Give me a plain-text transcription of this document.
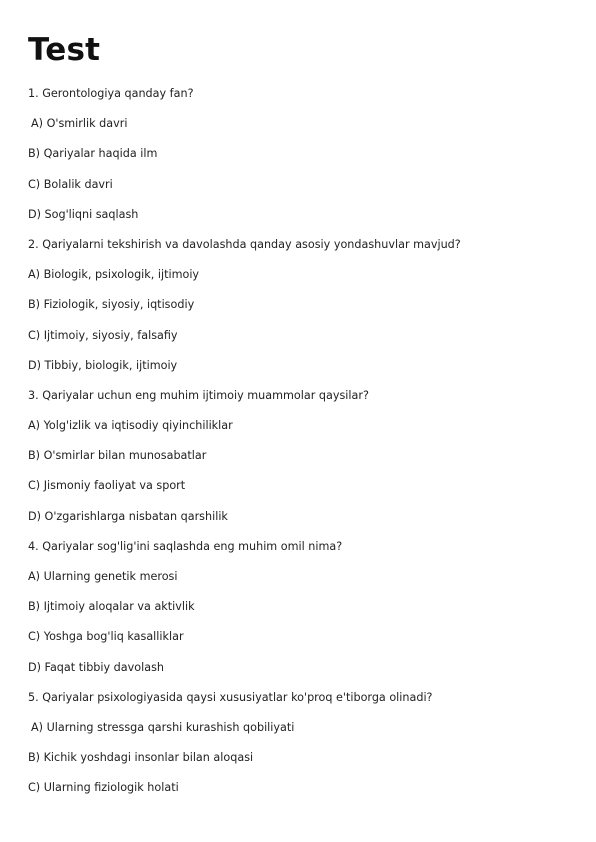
Test
1. Gerontologiya qanday fan?
A) O'smirlik davri
B) Qariyalar haqida ilm
C) Bolalik davri
D) Sog'liqni saqlash
2. Qariyalarni tekshirish va davolashda qanday asosiy yondashuvlar mavjud?
A) Biologik, psixologik, ijtimoiy
B) Fiziologik, siyosiy, iqtisodiy
C) Ijtimoiy, siyosiy, falsafiy
D) Tibbiy, biologik, ijtimoiy
3. Qariyalar uchun eng muhim ijtimoiy muammolar qaysilar?
A) Yolg'izlik va iqtisodiy qiyinchiliklar
B) O'smirlar bilan munosabatlar
C) Jismoniy faoliyat va sport
D) O'zgarishlarga nisbatan qarshilik
4. Qariyalar sog'lig'ini saqlashda eng muhim omil nima?
A) Ularning genetik merosi
B) Ijtimoiy aloqalar va aktivlik
C) Yoshga bog'liq kasalliklar
D) Faqat tibbiy davolash
5. Qariyalar psixologiyasida qaysi xususiyatlar ko'proq e'tiborga olinadi?
A) Ularning stressga qarshi kurashish qobiliyati
B) Kichik yoshdagi insonlar bilan aloqasi
C) Ularning fiziologik holati
